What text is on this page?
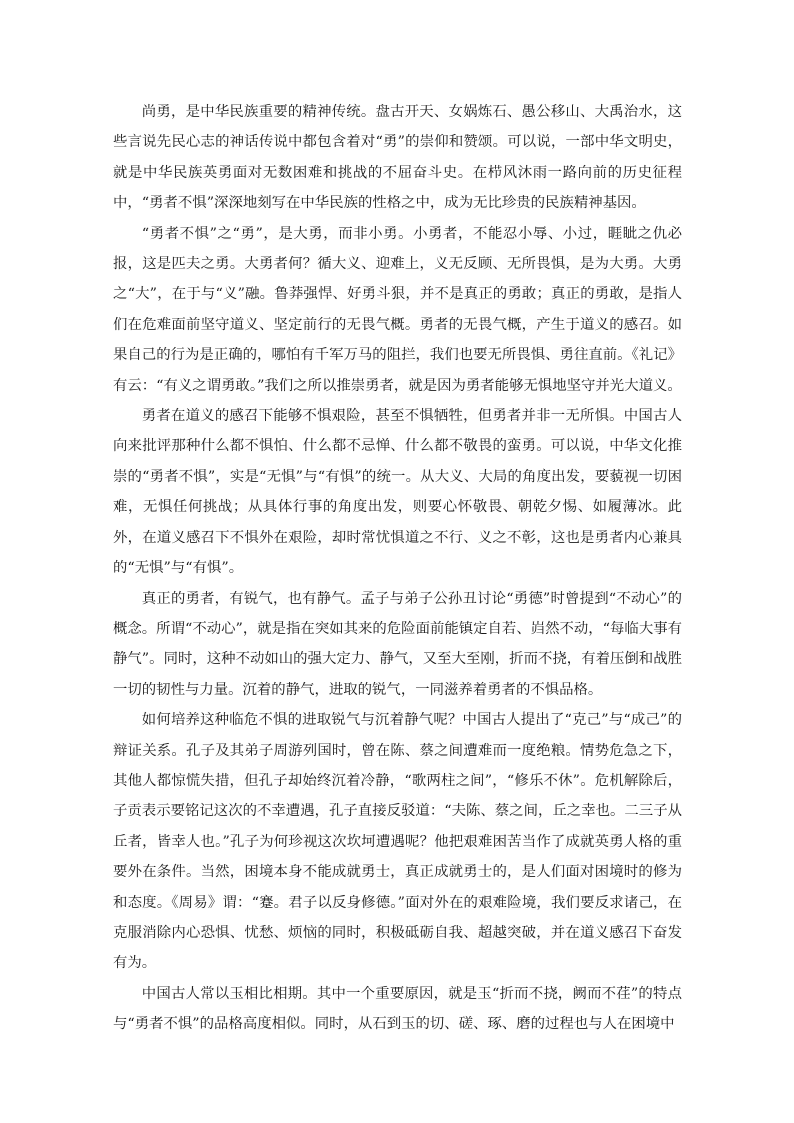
尚勇，是中华民族重要的精神传统。盘古开天、女娲炼石、愚公移山、大禹治水，这些言说先民心志的神话传说中都包含着对“勇”的崇仰和赞颂。可以说，一部中华文明史，就是中华民族英勇面对无数困难和挑战的不屈奋斗史。在栉风沐雨一路向前的历史征程中，“勇者不惧”深深地刻写在中华民族的性格之中，成为无比珍贵的民族精神基因。

“勇者不惧”之“勇”，是大勇，而非小勇。小勇者，不能忍小辱、小过，睚眦之仇必报，这是匹夫之勇。大勇者何？循大义、迎难上，义无反顾、无所畏惧，是为大勇。大勇之“大”，在于与“义”融。鲁莽强悍、好勇斗狠，并不是真正的勇敢；真正的勇敢，是指人们在危难面前坚守道义、坚定前行的无畏气概。勇者的无畏气概，产生于道义的感召。如果自己的行为是正确的，哪怕有千军万马的阻拦，我们也要无所畏惧、勇往直前。《礼记》有云：“有义之谓勇敢。”我们之所以推崇勇者，就是因为勇者能够无惧地坚守并光大道义。

勇者在道义的感召下能够不惧艰险，甚至不惧牺牲，但勇者并非一无所惧。中国古人向来批评那种什么都不惧怕、什么都不忌惮、什么都不敬畏的蛮勇。可以说，中华文化推崇的“勇者不惧”，实是“无惧”与“有惧”的统一。从大义、大局的角度出发，要藐视一切困难，无惧任何挑战；从具体行事的角度出发，则要心怀敬畏、朝乾夕惕、如履薄冰。此外，在道义感召下不惧外在艰险，却时常忧惧道之不行、义之不彰，这也是勇者内心兼具的“无惧”与“有惧”。

真正的勇者，有锐气，也有静气。孟子与弟子公孙丑讨论“勇德”时曾提到“不动心”的概念。所谓“不动心”，就是指在突如其来的危险面前能镇定自若、岿然不动，“每临大事有静气”。同时，这种不动如山的强大定力、静气，又至大至刚，折而不挠，有着压倒和战胜一切的韧性与力量。沉着的静气，进取的锐气，一同滋养着勇者的不惧品格。

如何培养这种临危不惧的进取锐气与沉着静气呢？中国古人提出了“克己”与“成己”的辩证关系。孔子及其弟子周游列国时，曾在陈、蔡之间遭难而一度绝粮。情势危急之下，其他人都惊慌失措，但孔子却始终沉着冷静，“歌两柱之间”，“修乐不休”。危机解除后，子贡表示要铭记这次的不幸遭遇，孔子直接反驳道：“夫陈、蔡之间，丘之幸也。二三子从丘者，皆幸人也。”孔子为何珍视这次坎坷遭遇呢？他把艰难困苦当作了成就英勇人格的重要外在条件。当然，困境本身不能成就勇士，真正成就勇士的，是人们面对困境时的修为和态度。《周易》谓：“蹇。君子以反身修德。”面对外在的艰难险境，我们要反求诸己，在克服消除内心恐惧、忧愁、烦恼的同时，积极砥砺自我、超越突破，并在道义感召下奋发有为。

中国古人常以玉相比相期。其中一个重要原因，就是玉“折而不挠，阙而不荏”的特点与“勇者不惧”的品格高度相似。同时，从石到玉的切、磋、琢、磨的过程也与人在困境中
